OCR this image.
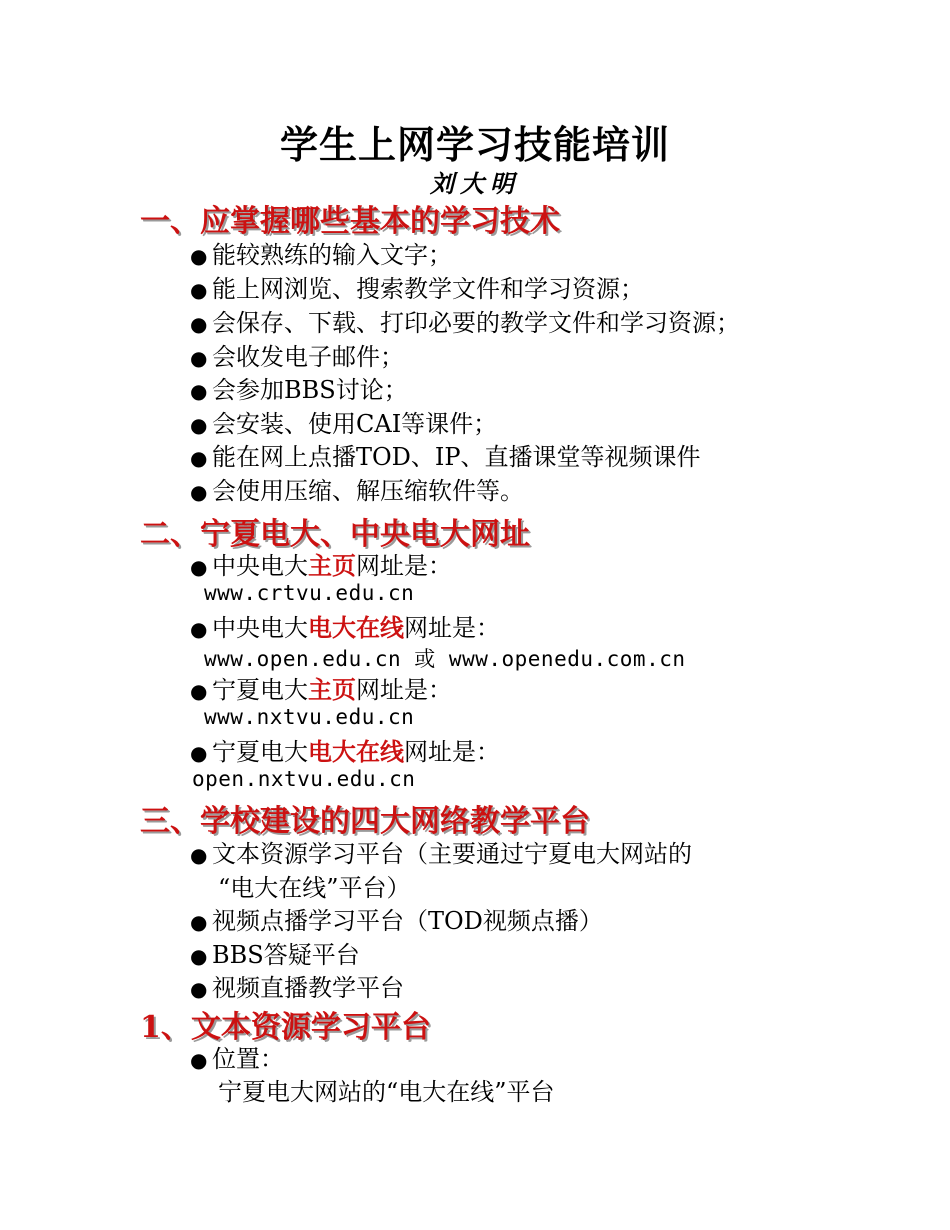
学生上网学习技能培训
刘大明
一、应掌握哪些基本的学习技术
● 能较熟练的输入文字；
● 能上网浏览、搜索教学文件和学习资源；
● 会保存、下载、打印必要的教学文件和学习资源；
● 会收发电子邮件；
● 会参加BBS讨论；
● 会安装、使用CAI等课件；
● 能在网上点播TOD、IP、直播课堂等视频课件
● 会使用压缩、解压缩软件等。
二、宁夏电大、中央电大网址
● 中央电大主页网址是：
www.crtvu.edu.cn
● 中央电大电大在线网址是：
www.open.edu.cn 或 www.openedu.com.cn
● 宁夏电大主页网址是：
www.nxtvu.edu.cn
● 宁夏电大电大在线网址是：
open.nxtvu.edu.cn
三、学校建设的四大网络教学平台
● 文本资源学习平台（主要通过宁夏电大网站的
“电大在线”平台）
● 视频点播学习平台（TOD视频点播）
● BBS答疑平台
● 视频直播教学平台
1、文本资源学习平台
● 位置：
宁夏电大网站的“电大在线”平台
